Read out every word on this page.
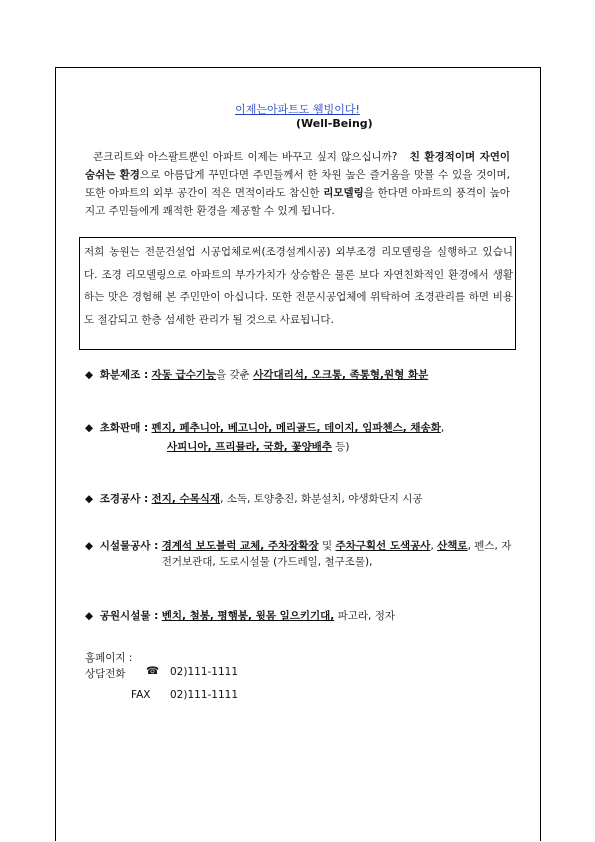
이제는아파트도 웰빙이다!
(Well-Being)
콘크리트와 아스팔트뿐인 아파트 이제는 바꾸고 싶지 않으십니까? 친 환경적이며 자연이 숨쉬는 환경으로 아름답게 꾸민다면 주민들께서 한 차원 높은 즐거움을 맛볼 수 있을 것이며, 또한 아파트의 외부 공간이 적은 면적이라도 참신한 리모델링을 한다면 아파트의 풍격이 높아지고 주민들에게 쾌적한 환경을 제공할 수 있게 됩니다.
저희 농원는 전문건설업 시공업체로써(조경설계시공) 외부조경 리모델링을 실행하고 있습니다. 조경 리모델링으로 아파트의 부가가치가 상승함은 물론 보다 자연친화적인 환경에서 생활하는 맛은 경험해 본 주민만이 아십니다. 또한 전문시공업체에 위탁하여 조경관리를 하면 비용도 절감되고 한층 섬세한 관리가 될 것으로 사료됩니다.
◆ 화분제조 : 자동 급수기능을 갖춘 사각대리석, 오크통, 족통형,원형 화분
◆ 초화판매 : 펜지, 페추니아, 베고니아, 메리골드, 데이지, 임파첸스, 채송화,
사피니아, 프리뮬라, 국화, 꽃양배추 등)
◆ 조경공사 : 전지, 수목식재, 소독, 토양충진, 화분설치, 야생화단지 시공
◆ 시설물공사 : 경계석 보도블럭 교체, 주차장확장 및 주차구획선 도색공사, 산책로, 펜스, 자전거보관대, 도로시설물 (가드레일, 철구조물),
◆ 공원시설물 : 벤치, 철봉, 평행봉, 윗몸 일으키기대, 파고라, 정자
홈페이지 :
상담전화 ☎ 02)111-1111
FAX 02)111-1111
